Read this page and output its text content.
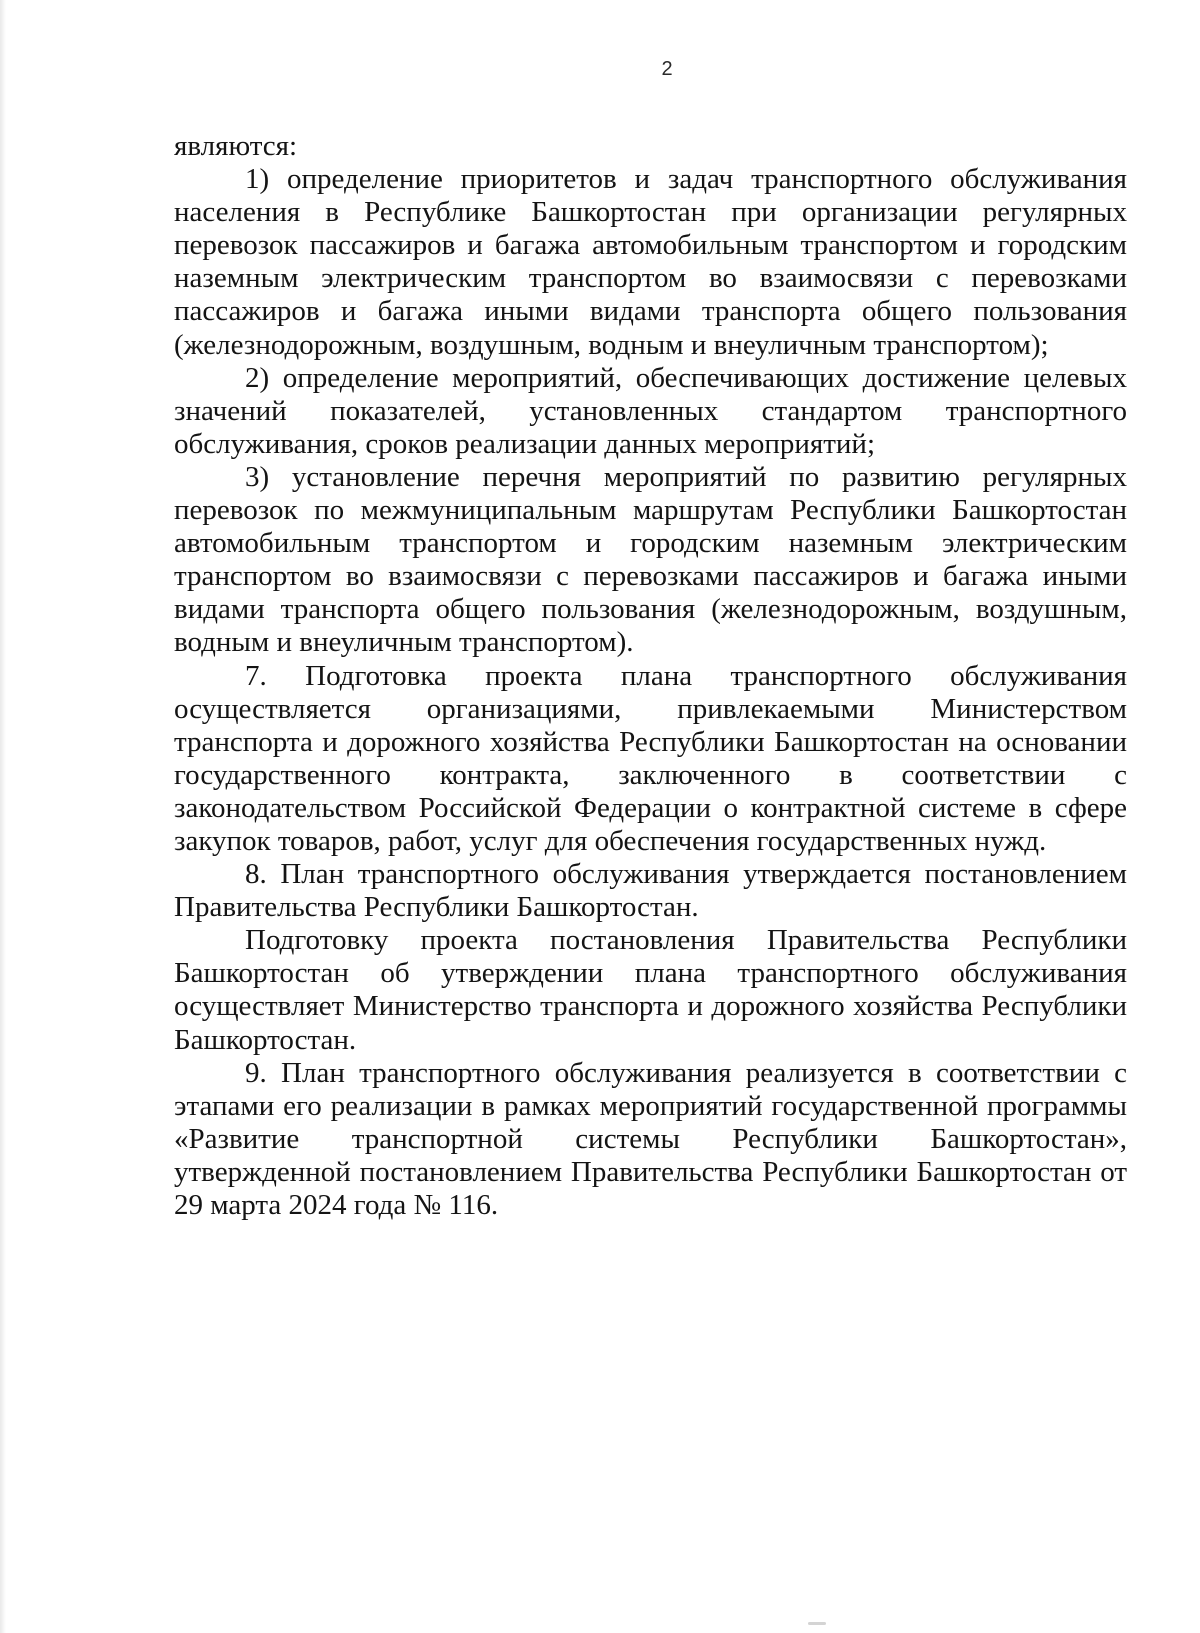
2

являются:

1) определение приоритетов и задач транспортного обслуживания населения в Республике Башкортостан при организации регулярных перевозок пассажиров и багажа автомобильным транспортом и городским наземным электрическим транспортом во взаимосвязи с перевозками пассажиров и багажа иными видами транспорта общего пользования (железнодорожным, воздушным, водным и внеуличным транспортом);

2) определение мероприятий, обеспечивающих достижение целевых значений показателей, установленных стандартом транспортного обслуживания, сроков реализации данных мероприятий;

3) установление перечня мероприятий по развитию регулярных перевозок по межмуниципальным маршрутам Республики Башкортостан автомобильным транспортом и городским наземным электрическим транспортом во взаимосвязи с перевозками пассажиров и багажа иными видами транспорта общего пользования (железнодорожным, воздушным, водным и внеуличным транспортом).

7. Подготовка проекта плана транспортного обслуживания осуществляется организациями, привлекаемыми Министерством транспорта и дорожного хозяйства Республики Башкортостан на основании государственного контракта, заключенного в соответствии с законодательством Российской Федерации о контрактной системе в сфере закупок товаров, работ, услуг для обеспечения государственных нужд.

8. План транспортного обслуживания утверждается постановлением Правительства Республики Башкортостан.

Подготовку проекта постановления Правительства Республики Башкортостан об утверждении плана транспортного обслуживания осуществляет Министерство транспорта и дорожного хозяйства Республики Башкортостан.

9. План транспортного обслуживания реализуется в соответствии с этапами его реализации в рамках мероприятий государственной программы «Развитие транспортной системы Республики Башкортостан», утвержденной постановлением Правительства Республики Башкортостан от 29 марта 2024 года № 116.
